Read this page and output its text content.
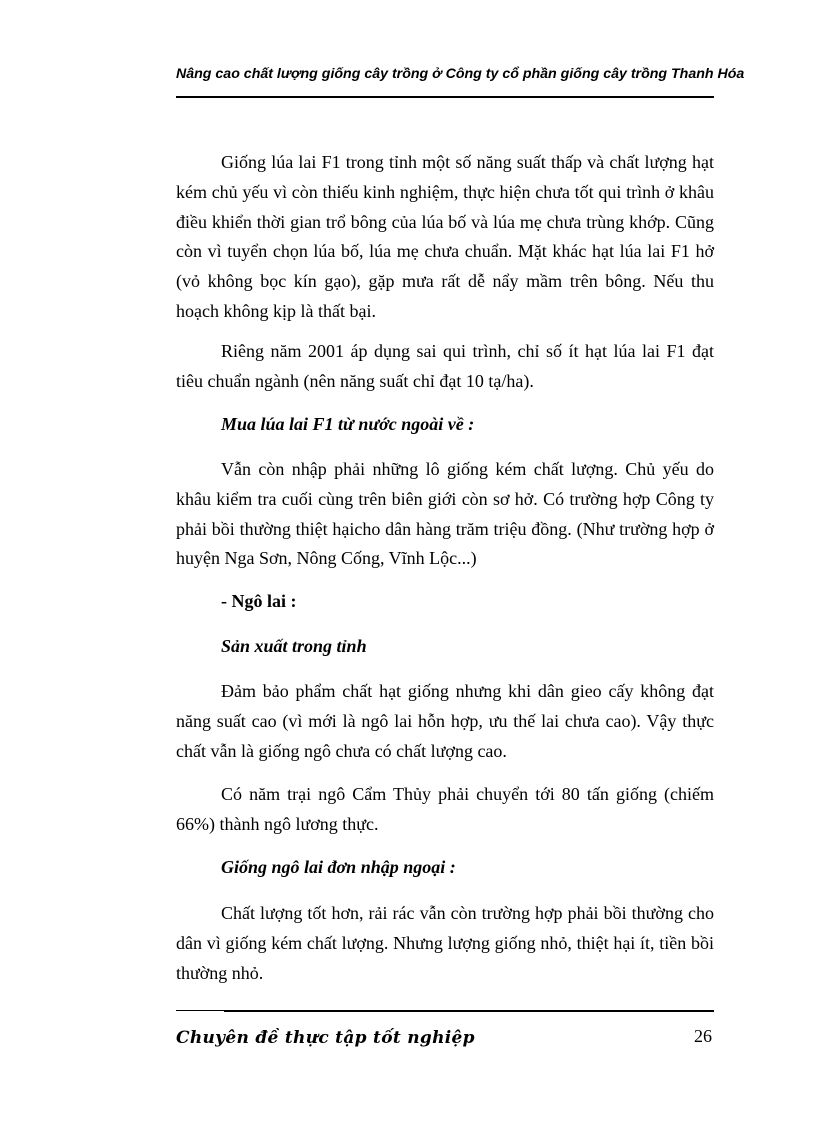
Nâng cao chất lượng giống cây trồng ở Công ty cổ phần giống cây trồng Thanh Hóa

Giống lúa lai F1 trong tỉnh một số năng suất thấp và chất lượng hạt kém chủ yếu vì còn thiếu kinh nghiệm, thực hiện chưa tốt qui trình ở khâu điều khiển thời gian trổ bông của lúa bố và lúa mẹ chưa trùng khớp. Cũng còn vì tuyển chọn lúa bố, lúa mẹ chưa chuẩn. Mặt khác hạt lúa lai F1 hở (vỏ không bọc kín gạo), gặp mưa rất dễ nẩy mầm trên bông. Nếu thu hoạch không kịp là thất bại.

Riêng năm 2001 áp dụng sai qui trình, chỉ số ít hạt lúa lai F1 đạt tiêu chuẩn ngành (nên năng suất chỉ đạt 10 tạ/ha).

Mua lúa lai F1 từ nước ngoài về :

Vẫn còn nhập phải những lô giống kém chất lượng. Chủ yếu do khâu kiểm tra cuối cùng trên biên giới còn sơ hở. Có trường hợp Công ty phải bồi thường thiệt hạicho dân hàng trăm triệu đồng. (Như trường hợp ở huyện Nga Sơn, Nông Cống, Vĩnh Lộc...)

- Ngô lai :
Sản xuất trong tỉnh

Đảm bảo phẩm chất hạt giống nhưng khi dân gieo cấy không đạt năng suất cao (vì mới là ngô lai hỗn hợp, ưu thế lai chưa cao). Vậy thực chất vẫn là giống ngô chưa có chất lượng cao.

Có năm trại ngô Cẩm Thủy phải chuyển tới 80 tấn giống (chiếm 66%) thành ngô lương thực.

Giống ngô lai đơn nhập ngoại :

Chất lượng tốt hơn, rải rác vẫn còn trường hợp phải bồi thường cho dân vì giống kém chất lượng. Nhưng lượng giống nhỏ, thiệt hại ít, tiền bồi thường nhỏ.

Chuyên đề thực tập tốt nghiệp	26
